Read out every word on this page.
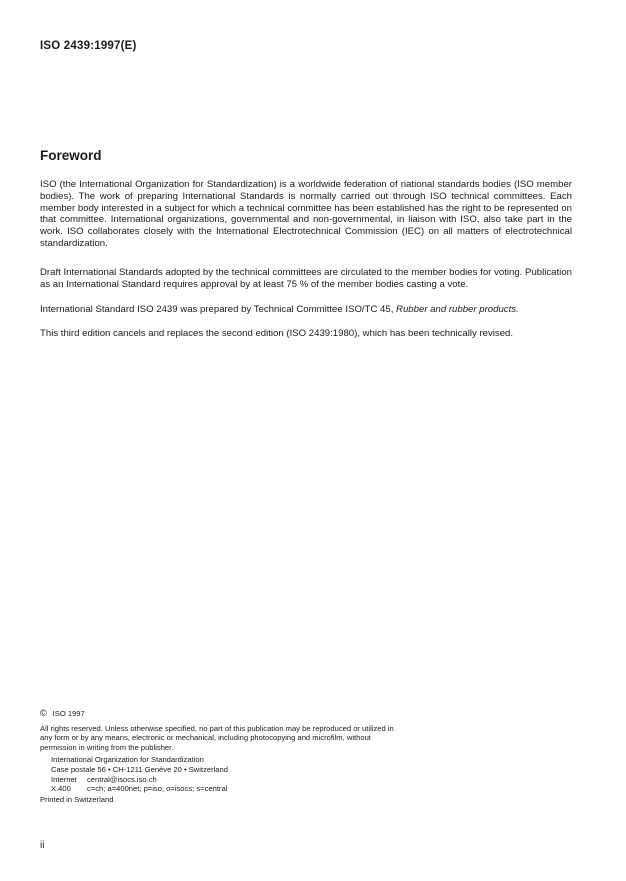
ISO 2439:1997(E)
Foreword

ISO (the International Organization for Standardization) is a worldwide federation of national standards bodies (ISO member bodies). The work of preparing International Standards is normally carried out through ISO technical committees. Each member body interested in a subject for which a technical committee has been established has the right to be represented on that committee. International organizations, governmental and non-governmental, in liaison with ISO, also take part in the work. ISO collaborates closely with the International Electrotechnical Commission (IEC) on all matters of electrotechnical standardization.

Draft International Standards adopted by the technical committees are circulated to the member bodies for voting. Publication as an International Standard requires approval by at least 75 % of the member bodies casting a vote.

International Standard ISO 2439 was prepared by Technical Committee ISO/TC 45, Rubber and rubber products.

This third edition cancels and replaces the second edition (ISO 2439:1980), which has been technically revised.

© ISO 1997
All rights reserved. Unless otherwise specified, no part of this publication may be reproduced or utilized in any form or by any means, electronic or mechanical, including photocopying and microfilm, without permission in writing from the publisher.
International Organization for Standardization
Case postale 56 • CH-1211 Genève 20 • Switzerland
Internet	central@isocs.iso.ch
X.400	c=ch; a=400net; p=iso; o=isocs; s=central
Printed in Switzerland
ii
